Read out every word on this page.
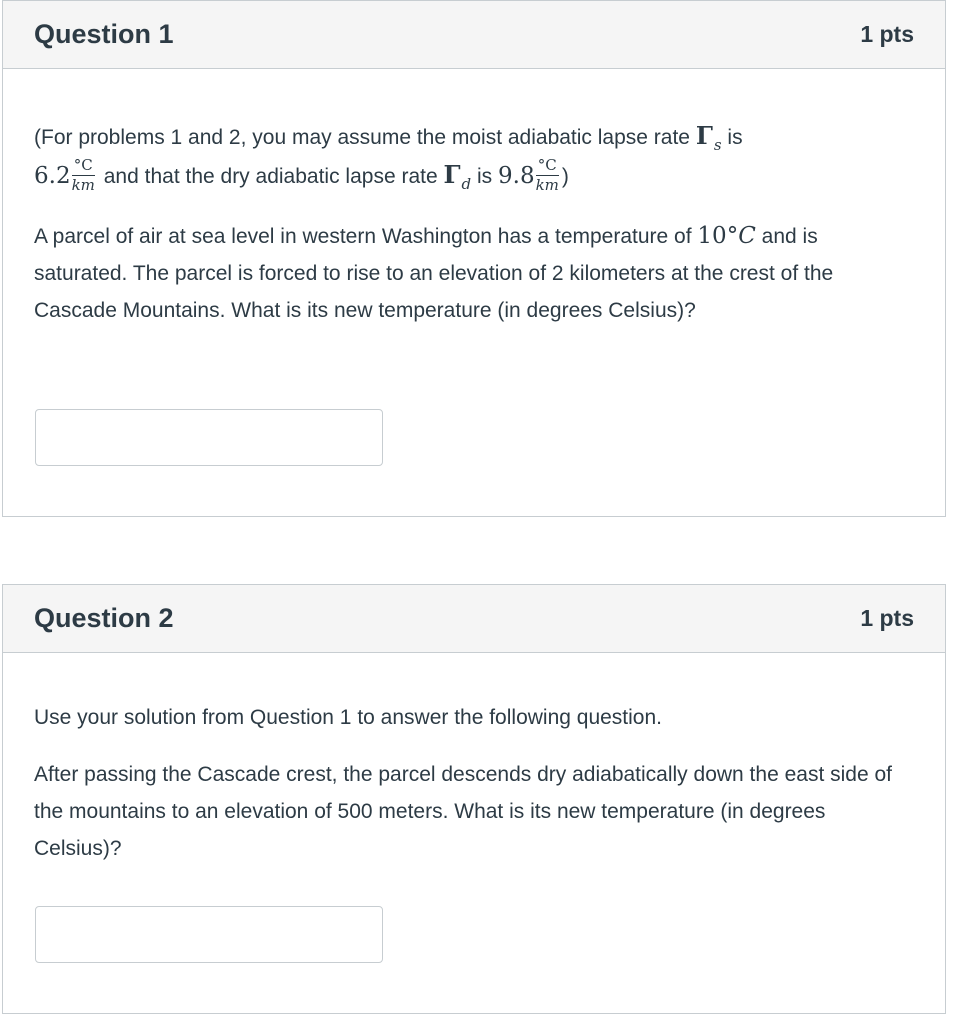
Question 1	1 pts

(For problems 1 and 2, you may assume the moist adiabatic lapse rate $\Gamma_s$ is
$6.2 \frac{^\circ C}{km}$ and that the dry adiabatic lapse rate $\Gamma_d$ is $9.8 \frac{^\circ C}{km}$ )

A parcel of air at sea level in western Washington has a temperature of 10°C and is saturated. The parcel is forced to rise to an elevation of 2 kilometers at the crest of the Cascade Mountains. What is its new temperature (in degrees Celsius)?

Question 2	1 pts

Use your solution from Question 1 to answer the following question.

After passing the Cascade crest, the parcel descends dry adiabatically down the east side of the mountains to an elevation of 500 meters. What is its new temperature (in degrees Celsius)?
